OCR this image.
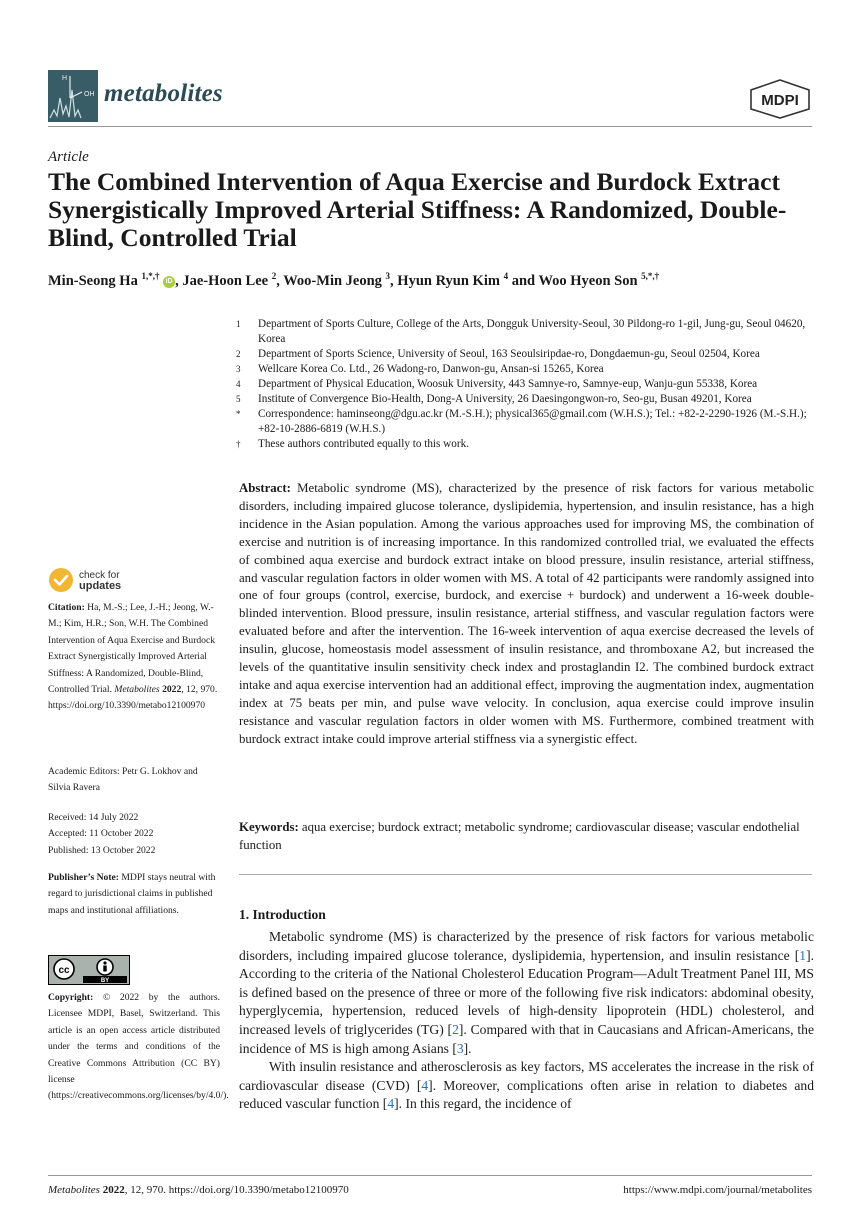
OH
H
metabolites	MDPI
Article
The Combined Intervention of Aqua Exercise and Burdock Extract Synergistically Improved Arterial Stiffness: A Randomized, Double-Blind, Controlled Trial
Min-Seong Ha $^{1,*,\dagger}$ iD , Jae-Hoon Lee $^2$, Woo-Min Jeong $^3$, Hyun Ryun Kim $^4$ and Woo Hyeon Son $^{5,*,\dagger}$
1	Department of Sports Culture, College of the Arts, Dongguk University-Seoul, 30 Pildong-ro 1-gil, Jung-gu, Seoul 04620, Korea
2	Department of Sports Science, University of Seoul, 163 Seoulsiripdae-ro, Dongdaemun-gu, Seoul 02504, Korea
3	Wellcare Korea Co. Ltd., 26 Wadong-ro, Danwon-gu, Ansan-si 15265, Korea
4	Department of Physical Education, Woosuk University, 443 Samnye-ro, Samnye-eup, Wanju-gun 55338, Korea
5	Institute of Convergence Bio-Health, Dong-A University, 26 Daesingongwon-ro, Seo-gu, Busan 49201, Korea
*	Correspondence: haminseong@dgu.ac.kr (M.-S.H.); physical365@gmail.com (W.H.S.); Tel.: +82-2-2290-1926 (M.-S.H.); +82-10-2886-6819 (W.H.S.)
†	These authors contributed equally to this work.
Abstract: Metabolic syndrome (MS), characterized by the presence of risk factors for various metabolic disorders, including impaired glucose tolerance, dyslipidemia, hypertension, and insulin resistance, has a high incidence in the Asian population. Among the various approaches used for improving MS, the combination of exercise and nutrition is of increasing importance. In this randomized controlled trial, we evaluated the effects of combined aqua exercise and burdock extract intake on blood pressure, insulin resistance, arterial stiffness, and vascular regulation factors in older women with MS. A total of 42 participants were randomly assigned into one of four groups (control, exercise, burdock, and exercise + burdock) and underwent a 16-week double-blinded intervention. Blood pressure, insulin resistance, arterial stiffness, and vascular regulation factors were evaluated before and after the intervention. The 16-week intervention of aqua exercise decreased the levels of insulin, glucose, homeostasis model assessment of insulin resistance, and thromboxane A2, but increased the levels of the quantitative insulin sensitivity check index and prostaglandin I2. The combined burdock extract intake and aqua exercise intervention had an additional effect, improving the augmentation index, augmentation index at 75 beats per min, and pulse wave velocity. In conclusion, aqua exercise could improve insulin resistance and vascular regulation factors in older women with MS. Furthermore, combined treatment with burdock extract intake could improve arterial stiffness via a synergistic effect.
Keywords: aqua exercise; burdock extract; metabolic syndrome; cardiovascular disease; vascular endothelial function
1. Introduction

Metabolic syndrome (MS) is characterized by the presence of risk factors for various metabolic disorders, including impaired glucose tolerance, dyslipidemia, hypertension, and insulin resistance [1]. According to the criteria of the National Cholesterol Education Program—Adult Treatment Panel III, MS is defined based on the presence of three or more of the following five risk indicators: abdominal obesity, hyperglycemia, hypertension, reduced levels of high-density lipoprotein (HDL) cholesterol, and increased levels of triglycerides (TG) [2]. Compared with that in Caucasians and African-Americans, the incidence of MS is high among Asians [3].

With insulin resistance and atherosclerosis as key factors, MS accelerates the increase in the risk of cardiovascular disease (CVD) [4]. Moreover, complications often arise in relation to diabetes and reduced vascular function [4]. In this regard, the incidence of

check for
updates
Citation: Ha, M.-S.; Lee, J.-H.; Jeong, W.-M.; Kim, H.R.; Son, W.H. The Combined Intervention of Aqua Exercise and Burdock Extract Synergistically Improved Arterial Stiffness: A Randomized, Double-Blind, Controlled Trial. Metabolites 2022, 12, 970. https://doi.org/10.3390/metabo12100970
Academic Editors: Petr G. Lokhov and Silvia Ravera
Received: 14 July 2022
Accepted: 11 October 2022
Published: 13 October 2022
Publisher’s Note: MDPI stays neutral with regard to jurisdictional claims in published maps and institutional affiliations.
cc
BY
Copyright: © 2022 by the authors. Licensee MDPI, Basel, Switzerland. This article is an open access article distributed under the terms and conditions of the Creative Commons Attribution (CC BY) license (https://creativecommons.org/licenses/by/4.0/).
Metabolites 2022, 12, 970. https://doi.org/10.3390/metabo12100970	https://www.mdpi.com/journal/metabolites
